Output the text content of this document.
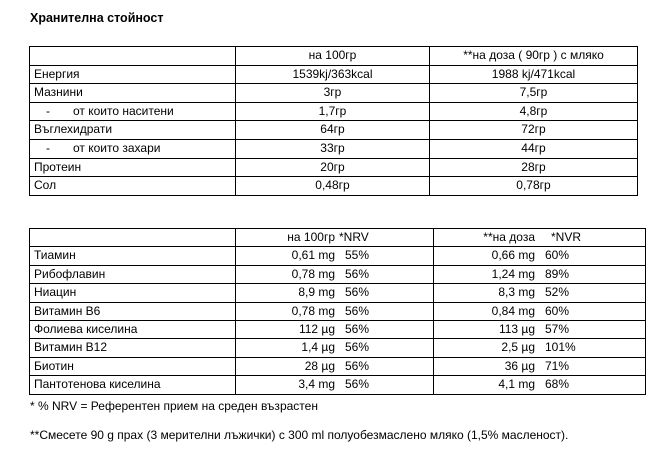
Хранителна стойност
	на 100гр	**на доза ( 90гр ) с мляко
Енергия	1539kj/363kcal	1988 kj/471kcal
Мазнини	3гр	7,5гр
- от които наситени	1,7гр	4,8гр
Въглехидрати	64гр	72гр
- от които захари	33гр	44гр
Протеин	20гр	28гр
Сол	0,48гр	0,78гр
	на 100гр *NRV	**на доза *NVR
Тиамин	0,61 mg 55%	0,66 mg 60%
Рибофлавин	0,78 mg 56%	1,24 mg 89%
Ниацин	8,9 mg 56%	8,3 mg 52%
Витамин B6	0,78 mg 56%	0,84 mg 60%
Фолиева киселина	112 µg 56%	113 µg 57%
Витамин B12	1,4 µg 56%	2,5 µg 101%
Биотин	28 µg 56%	36 µg 71%
Пантотенова киселина	3,4 mg 56%	4,1 mg 68%
* % NRV = Референтен прием на среден възрастен
**Смесете 90 g прах (3 мерителни лъжички) с 300 ml полуобезмаслено мляко (1,5% масленост).
